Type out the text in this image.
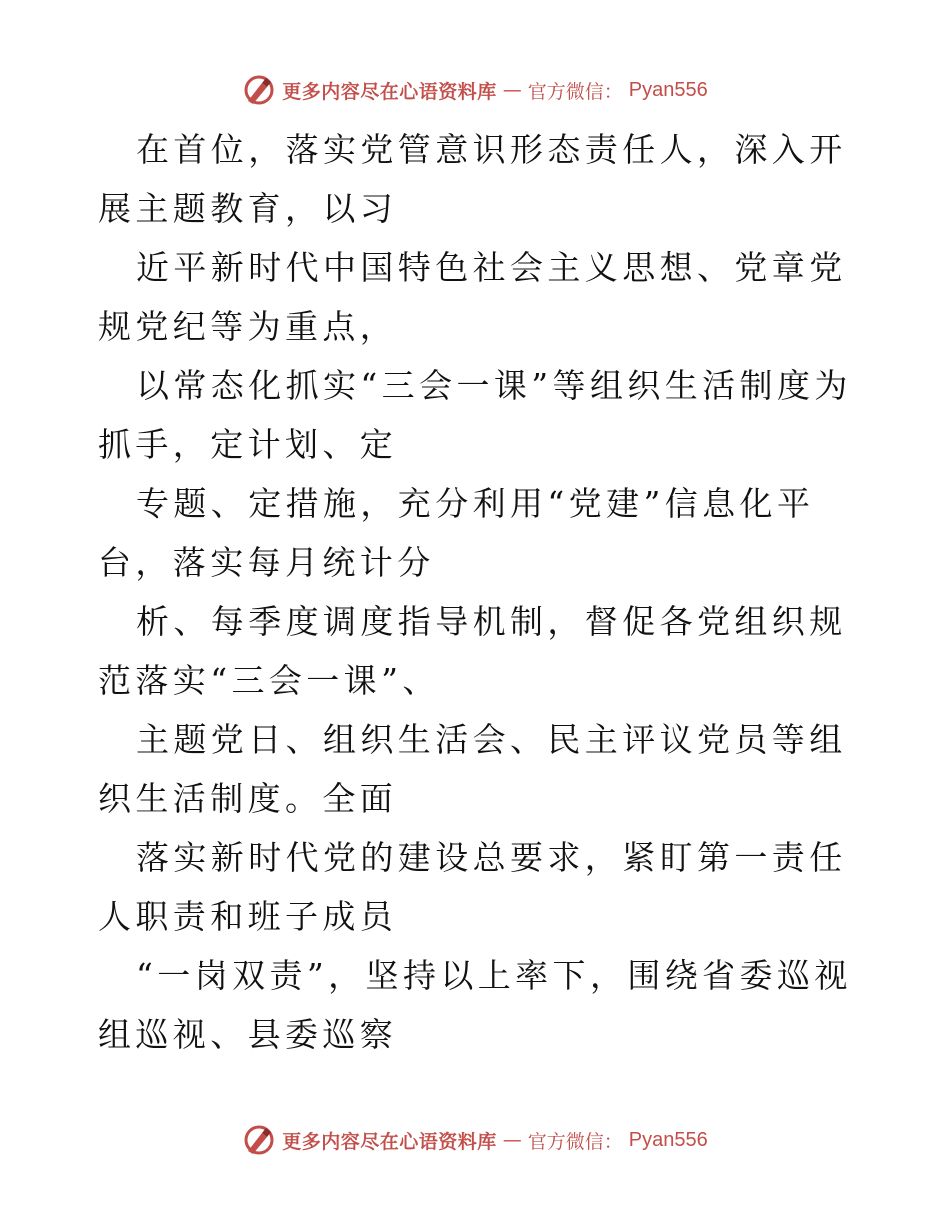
更多内容尽在心语资料库 — 官方微信： Pyan556

在首位，落实党管意识形态责任人，深入开展主题教育，以习

近平新时代中国特色社会主义思想、党章党规党纪等为重点，

以常态化抓实“三会一课”等组织生活制度为抓手，定计划、定

专题、定措施，充分利用“党建”信息化平台，落实每月统计分

析、每季度调度指导机制，督促各党组织规范落实“三会一课”、

主题党日、组织生活会、民主评议党员等组织生活制度。全面

落实新时代党的建设总要求，紧盯第一责任人职责和班子成员

“一岗双责”，坚持以上率下，围绕省委巡视组巡视、县委巡察

更多内容尽在心语资料库 — 官方微信： Pyan556
